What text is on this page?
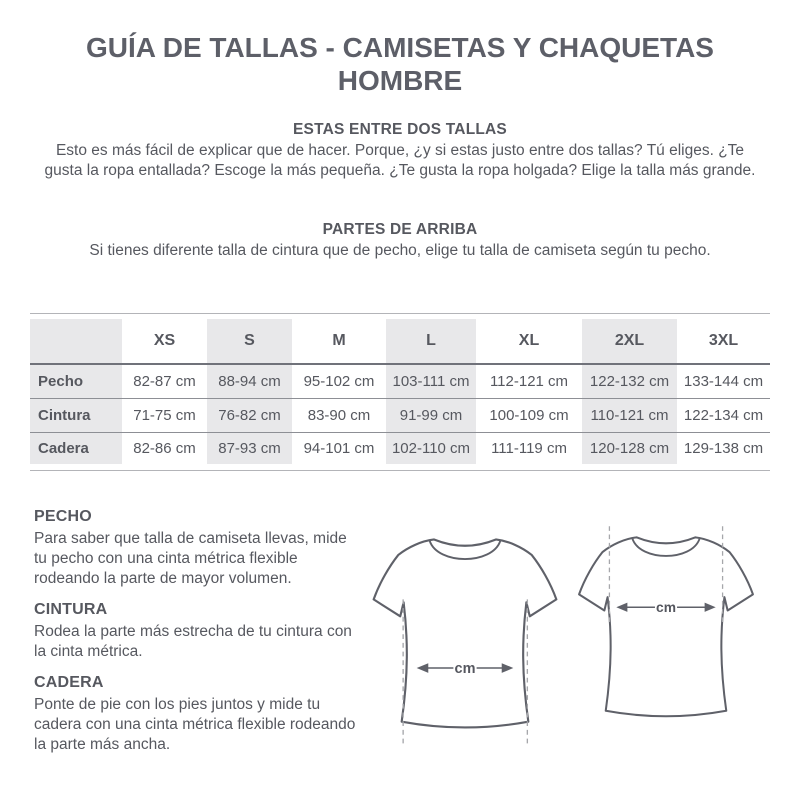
GUÍA DE TALLAS - CAMISETAS Y CHAQUETAS HOMBRE
ESTAS ENTRE DOS TALLAS

Esto es más fácil de explicar que de hacer. Porque, ¿y si estas justo entre dos tallas? Tú eliges. ¿Te gusta la ropa entallada? Escoge la más pequeña. ¿Te gusta la ropa holgada? Elige la talla más grande.

PARTES DE ARRIBA

Si tienes diferente talla de cintura que de pecho, elige tu talla de camiseta según tu pecho.

	XS	S	M	L	XL	2XL	3XL
Pecho	82-87 cm	88-94 cm	95-102 cm	103-111 cm	112-121 cm	122-132 cm	133-144 cm
Cintura	71-75 cm	76-82 cm	83-90 cm	91-99 cm	100-109 cm	110-121 cm	122-134 cm
Cadera	82-86 cm	87-93 cm	94-101 cm	102-110 cm	111-119 cm	120-128 cm	129-138 cm
PECHO

Para saber que talla de camiseta llevas, mide tu pecho con una cinta métrica flexible rodeando la parte de mayor volumen.

CINTURA

Rodea la parte más estrecha de tu cintura con la cinta métrica.

CADERA

Ponte de pie con los pies juntos y mide tu cadera con una cinta métrica flexible rodeando la parte más ancha.

cm
cm
